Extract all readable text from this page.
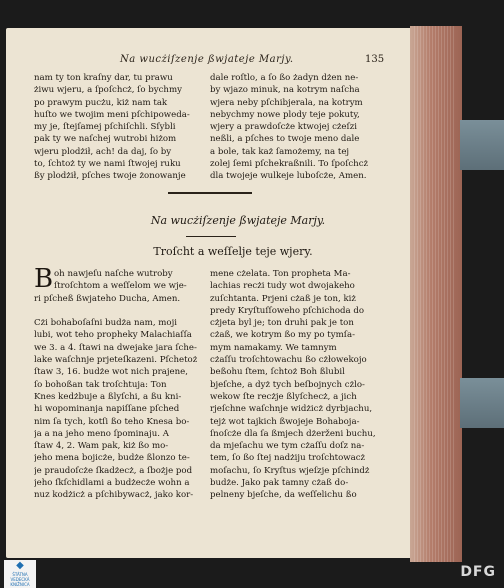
Na wucżiſzenje ßwjateje Marjy.	135
nam ty ton kraſny dar, tu prawu
żiwu wjeru, a ſpoſchcż, ſo bychmy
po prawym pucżu, kiż nam tak
huſto we twojim meni pſchipoweda-
my je, ſtejſamej pſchiſchli. Sſybli
pak ty we naſchej wutrobi hiżom
wjeru plodżił, ach! da daj, ſo by
to, ſchtoż ty we nami ſtwojej ruku
ßy plodżił, pſches twoje żonowanje
dale roſtlo, a ſo ßo żadyn dżen ne-
by wjazo minuk, na kotrym naſcha
wjera neby pſchibjerala, na kotrym
nebychmy nowe plody teje pokuty,
wjery a prawdoſcże ktwojej cżeſzi
neßli, a pſches to twoje meno dale
a bole, tak każ ſamożemy, na tej
zolej ſemi pſchekraßnili. To ſpoſchcż
dla twojeje wulkeje luboſcże, Amen.
Na wucżiſzenje ßwjateje Marjy.
Troſcht a weſſelje teje wjery.
B oh nawjeſu naſche wutroby
ſtroſchtom a weſſelom we wje-
ri pſcheß ßwjateho Ducha, Amen.
Cżi bohaboſaſni budża nam, moji
lubi, wot teho propheky Malachiaſſa
we 3. a 4. ſtawi na dwejake jara ſche-
lake waſchnje prjeteſkazeni. Pſchetoż
ſtaw 3, 16. budże wot nich prajene,
ſo bohoßan tak troſchtuja: Ton
Knes kedżbuje a ßlyſchi, a ßu kni-
hi wopominanja napiſſane pſched
nim ſa tych, kotſi ßo teho Knesa bo-
ja a na jeho meno ſpominaju. A
ſtaw 4, 2. Wam pak, kiż ßo mo-
jeho mena bojicże, budże ßlonzo te-
je praudoſcże ſkadżecż, a ſbożje pod
jeho ſkſchidlami a budżecże wohn a
nuz kodżicż a pſchibywacż, jako kor-
mene cżelata. Ton propheta Ma-
lachias recżi tudy wot dwojakeho
zuſchtanta. Prjeni cżaß je ton, kiż
predy Kryſtuſſoweho pſchichoda do
cżjeta byl je; ton druhi pak je ton
cżaß, we kotrym ßo my po tymſa-
mym namakamy. We tamnym
cżaſſu troſchtowachu ßo cżłowekojo
beßohu ſtem, ſchtoż Boh ßlubil
bjeſche, a dyż tych beſbojnych cżlo-
wekow ſte recżje ßlyſchecż, a jich
rjeſchne waſchnje widżicż dyrbjachu,
tejż wot tajkich ßwojeje Bohaboja-
ſnoſcże dla ſa ßmjech dżerženi buchu,
da mjeſachu we tym cżaſſu doſz na-
tem, ſo ßo ſtej nadżiju troſchtowacż
moſachu, ſo Kryſtus wjeſzje pſchindż
budże. Jako pak tamny cżaß do-
pelneny bjeſche, da weſſelichu ßo
◆
ŠTÁTNA VEDECKÁ KNIŽNICA
DFG
